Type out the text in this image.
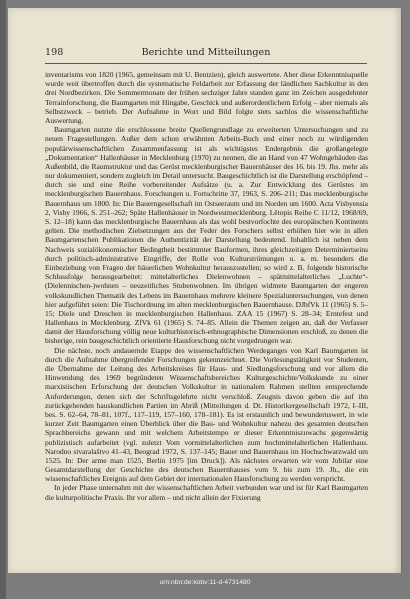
198	Berichte und Mitteilungen

inventarisms von 1820 (1965, gemeinsam mit U. Bentzien), gleich auswertete. Aber diese Erkenntnisquelle wurde weit übertroffen durch die systematische Feldarbeit zur Erfassung der ländlichen Sachkultur in den drei Nordbezirken. Die Sommermonate der frühen sechziger Jahre standen ganz im Zeichen ausgedehnter Terrainforschung, die Baumgarten mit Hingabe, Geschick und außerordentlichem Erfolg – aber niemals als Selbstzweck – betrieb. Der Aufnahme in Wort und Bild folgte stets sachlos die wissenschaftliche Auswertung.

Baumgarten nutzte die erschlossene breite Quellengrundlage zu erweiterten Untersuchungen und zu neuen Fragestellungen. Außer dem schon erwähnten Arbeits-Buch und einer noch zu würdigenden populärwissenschaftlichen Zusammenfassung ist als wichtigstes Endergebnis die großangelegte „Dokumentation“ Hallenhäuser in Mecklenburg (1970) zu nennen, die an Hand von 47 Wohngebäuden das Außenbild, die Raumstruktur und das Gerüst mecklenburgischer Bauernhäuser des 16. bis 19. Jhs. mehr als nur dokumentiert, sondern zugleich im Detail untersucht. Baugeschichtlich ist die Darstellung erschöpfend – durch sie und eine Reihe vorbereitender Aufsätze (u. a. Zur Entwicklung des Gerüstes im mecklenburgischen Bauernhaus. Forschungen u. Fortschritte 37, 1963, S. 206–211; Das mecklenburgische Bauernhaus um 1800. In: Die Bauerngesellschaft im Ostseeraum und im Norden um 1600. Acta Visbyensia 2, Visby 1966, S. 251–262; Späte Hallenhäuser in Nordwestmecklenburg. Lětopis Reihe C 11/12, 1968/69, S. 12–18) kann das mecklenburgische Bauernhaus als das wohl bestvorfochte des europäischen Kontinents gelten. Die methodischen Zielsetzungen aus der Feder des Forschers selbst erhöhen hier wie in allen Baumgartenschen Publikationen die Authentizität der Darstellung bedeutend. Inhaltlich ist neben dem Nachweis sozialökonomischer Bedingtheit bestimmter Bauformen, ihres gleichzeitigen Determiniertseins durch politisch-administrative Eingriffe, der Rolle von Kulturströmungen u. a. m. besonders die Einbeziehung von Fragen der bäuerlichen Wohnkultur herauszustellen; so wird z. B. folgende historische Schlussfolge herausgearbeitet: mittelalterliches Dielenwohnen – spätmittelalterliches „Luchte“-(Dielennischen-)wohnen – neuzeitliches Stubenwohnen. Im übrigen widmete Baumgarten der engeren volkskundlichen Thematik des Lebens im Bauernhaus mehrere kleinere Spezialuntersuchungen, von denen hier aufgeführt seien: Die Tischordnung im alten mecklenburgischen Bauernhause. DJbfVk 11 (1965) S. 5–15; Diele und Dreschen in mecklenburgischen Hallenhaus. ZAA 15 (1967) S. 28–34; Erntefest und Hallenhaus in Mecklenburg. ZfVk 61 (1965) S. 74–85. Allein die Themen zeigen an, daß der Verfasser damit der Hausforschung völlig neue kulturhistorisch-ethnographische Dimensionen erschloß, zu denen die bisherige, rein baugeschichtlich orientierte Hausforschung nicht vorgedrungen war.

Die nächste, noch andauernde Etappe des wissenschaftlichen Werdeganges von Karl Baumgarten ist durch die Aufnahme übergreifender Forschungen gekennzeichnet. Die Vorlesungstätigkeit vor Studenten, die Übernahme der Leitung des Arbeitskreises für Haus- und Siedlungsforschung und vor allem die Hinwendung des 1969 begründeten Wissenschaftsbereiches Kulturgeschichte/Volkskunde zu einer marxistischen Erforschung der deutschen Volkskultur in nationalem Rahmen stellten entsprechende Anforderungen, denen sich der Schriftsgelehrte nicht verschloß. Zeugnis davon geben die auf ihn zurückgehenden hauskundlichen Partien im Abriß (Mitteilungen d. Dt. Historikergesellschaft 1972, I–III, bes. S. 62–64, 78–81, 107f., 117–119, 157–160, 178–181). Es ist erstaunlich und bewundernswert, in wie kurzer Zeit Baumgarten einen Überblick über die Bau- und Wohnkultur nahezu des gesamten deutschen Sprachbereichs gewann und mit welchem Arbeitstempo er dieser Erkenntniszuwachs gegenwärtig publizistisch aufarbeitet (vgl. zuletzt Vom vormittelalterlichen zum hochmittelalterlichen Hallenhaus. Narodno stvaralaštvo 41–43, Beograd 1972, S. 137–145; Bauer und Bauernhaus im Hochschwarzwald um 1525. In: Der arme man 1525, Berlin 1975 [im Druck]). Als nächstes erwarten wir vom Jubilar eine Gesamtdarstellung der Geschichte des deutschen Bauernhauses vom 9. bis zum 19. Jh., die ein wissenschaftliches Ereignis auf dem Gebiet der internationalen Hausforschung zu werden verspricht.

In jeder Phase unternahm mit der wissenschaftlichen Arbeit verbunden war und ist für Karl Baumgarten die kulturpolitische Praxis. Ihr vor allem – und nicht allein der Fixierung

urn:nbn:de:kobv:11-d-4731480
